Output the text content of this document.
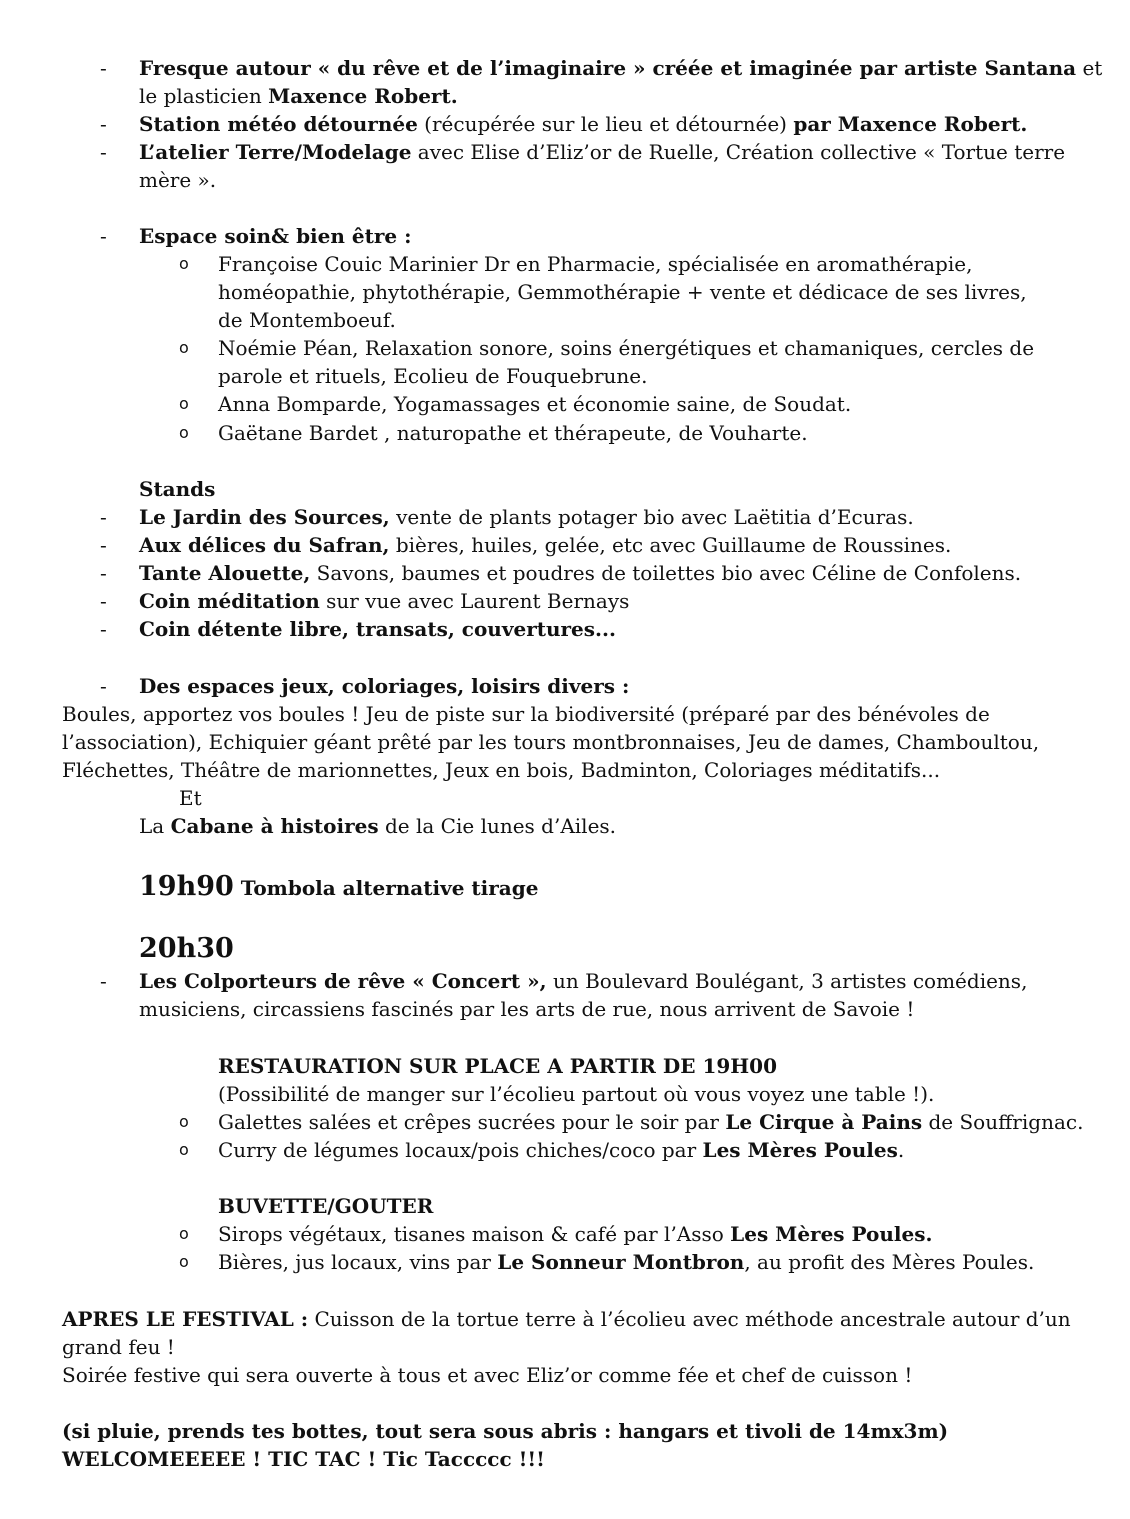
- Fresque autour « du rêve et de l’imaginaire » créée et imaginée par artiste Santana et
le plasticien Maxence Robert.
- Station météo détournée (récupérée sur le lieu et détournée) par Maxence Robert.
- L’atelier Terre/Modelage avec Elise d’Eliz’or de Ruelle, Création collective « Tortue terre
mère ».
- Espace soin& bien être :
o Françoise Couic Marinier Dr en Pharmacie, spécialisée en aromathérapie,
homéopathie, phytothérapie, Gemmothérapie + vente et dédicace de ses livres,
de Montemboeuf.
o Noémie Péan, Relaxation sonore, soins énergétiques et chamaniques, cercles de
parole et rituels, Ecolieu de Fouquebrune.
o Anna Bomparde, Yogamassages et économie saine, de Soudat.
o Gaëtane Bardet , naturopathe et thérapeute, de Vouharte.
Stands
- Le Jardin des Sources, vente de plants potager bio avec Laëtitia d’Ecuras.
- Aux délices du Safran, bières, huiles, gelée, etc avec Guillaume de Roussines.
- Tante Alouette, Savons, baumes et poudres de toilettes bio avec Céline de Confolens.
- Coin méditation sur vue avec Laurent Bernays
- Coin détente libre, transats, couvertures...
- Des espaces jeux, coloriages, loisirs divers :
Boules, apportez vos boules ! Jeu de piste sur la biodiversité (préparé par des bénévoles de
l’association), Echiquier géant prêté par les tours montbronnaises, Jeu de dames, Chamboultou,
Fléchettes, Théâtre de marionnettes, Jeux en bois, Badminton, Coloriages méditatifs...
Et
La Cabane à histoires de la Cie lunes d’Ailes.
19h90 Tombola alternative tirage
20h30
- Les Colporteurs de rêve « Concert », un Boulevard Boulégant, 3 artistes comédiens,
musiciens, circassiens fascinés par les arts de rue, nous arrivent de Savoie !
RESTAURATION SUR PLACE A PARTIR DE 19H00
(Possibilité de manger sur l’écolieu partout où vous voyez une table !).
o Galettes salées et crêpes sucrées pour le soir par Le Cirque à Pains de Souffrignac.
o Curry de légumes locaux/pois chiches/coco par Les Mères Poules.
BUVETTE/GOUTER
o Sirops végétaux, tisanes maison & café par l’Asso Les Mères Poules.
o Bières, jus locaux, vins par Le Sonneur Montbron, au profit des Mères Poules.
APRES LE FESTIVAL : Cuisson de la tortue terre à l’écolieu avec méthode ancestrale autour d’un
grand feu !
Soirée festive qui sera ouverte à tous et avec Eliz’or comme fée et chef de cuisson !
(si pluie, prends tes bottes, tout sera sous abris : hangars et tivoli de 14mx3m)
WELCOMEEEEE ! TIC TAC ! Tic Taccccc !!!
